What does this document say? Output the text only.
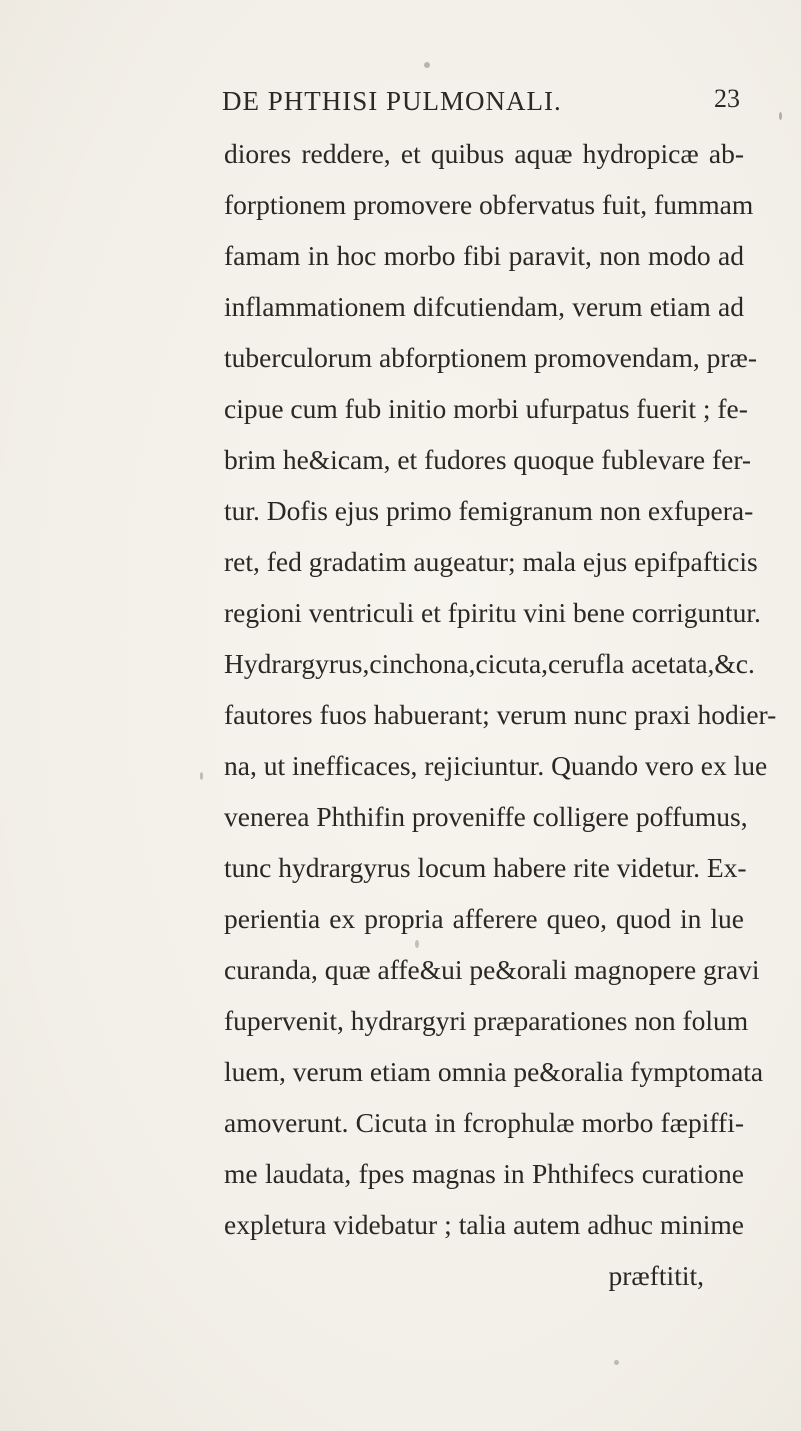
DE PHTHISI PULMONALI.	23
diores reddere, et quibus aquæ hydropicæ ab-
forptionem promovere obfervatus fuit, fummam
famam in hoc morbo fibi paravit, non modo ad
inflammationem difcutiendam, verum etiam ad
tuberculorum abforptionem promovendam, præ-
cipue cum fub initio morbi ufurpatus fuerit ; fe-
brim he&icam, et fudores quoque fublevare fer-
tur. Dofis ejus primo femigranum non exfupera-
ret, fed gradatim augeatur; mala ejus epifpafticis
regioni ventriculi et fpiritu vini bene corriguntur.
Hydrargyrus,cinchona,cicuta,cerufla acetata,&c.
fautores fuos habuerant; verum nunc praxi hodier-
na, ut inefficaces, rejiciuntur. Quando vero ex lue
venerea Phthifin proveniffe colligere poffumus,
tunc hydrargyrus locum habere rite videtur. Ex-
perientia ex propria afferere queo, quod in lue
curanda, quæ affe&ui pe&orali magnopere gravi
fupervenit, hydrargyri præparationes non folum
luem, verum etiam omnia pe&oralia fymptomata
amoverunt. Cicuta in fcrophulæ morbo fæpiffi-
me laudata, fpes magnas in Phthifecs curatione
expletura videbatur ; talia autem adhuc minime
præftitit,
